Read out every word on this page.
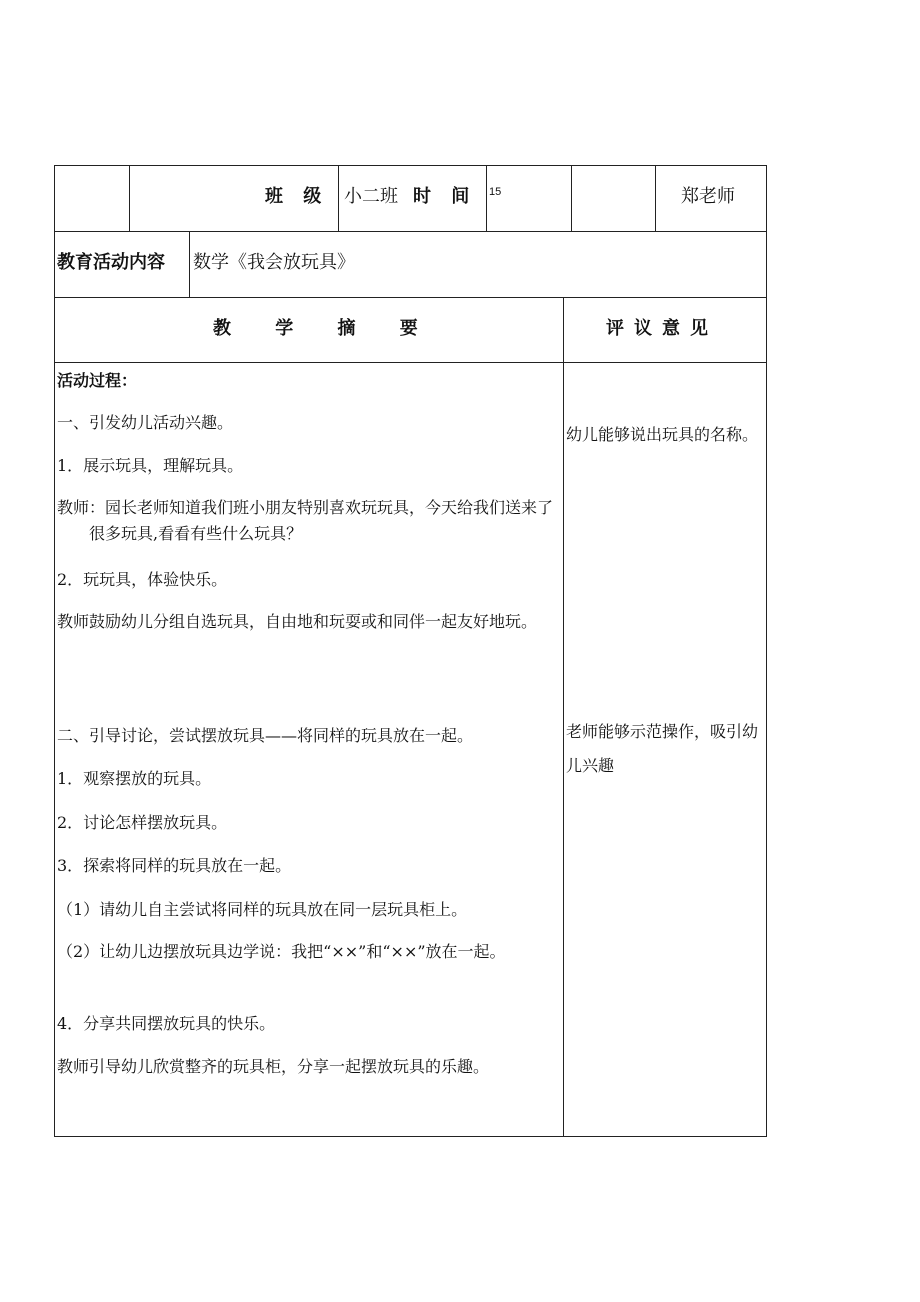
班 级 小二班 时 间 15	郑老师
教育活动内容 数学《我会放玩具》
教 学 摘 要	评议意见
活动过程：
一、引发幼儿活动兴趣。
1．展示玩具，理解玩具。
教师：园长老师知道我们班小朋友特别喜欢玩玩具，今天给我们送来了很多玩具,看看有些什么玩具？
2．玩玩具，体验快乐。
教师鼓励幼儿分组自选玩具，自由地和玩耍或和同伴一起友好地玩。
二、引导讨论，尝试摆放玩具——将同样的玩具放在一起。
1．观察摆放的玩具。
2．讨论怎样摆放玩具。
3．探索将同样的玩具放在一起。
（1）请幼儿自主尝试将同样的玩具放在同一层玩具柜上。
（2）让幼儿边摆放玩具边学说：我把“××”和“××”放在一起。
4．分享共同摆放玩具的快乐。
教师引导幼儿欣赏整齐的玩具柜，分享一起摆放玩具的乐趣。
幼儿能够说出玩具的名称。
老师能够示范操作，吸引幼儿兴趣
